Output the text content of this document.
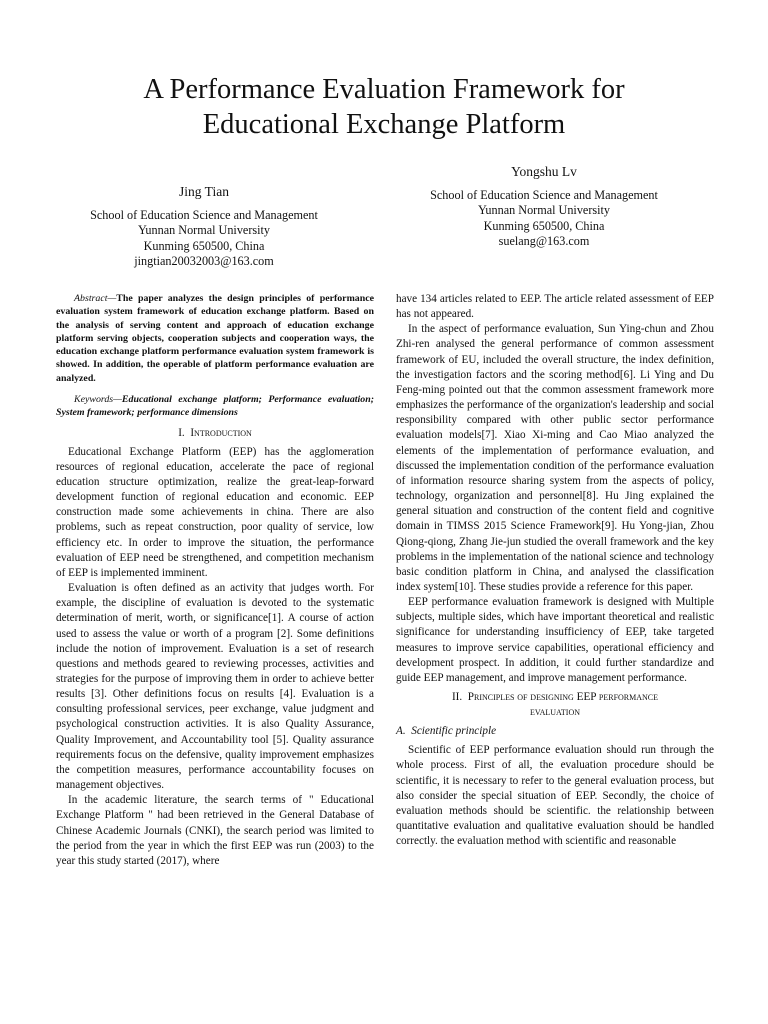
A Performance Evaluation Framework for
Educational Exchange Platform
Jing Tian
School of Education Science and Management
Yunnan Normal University
Kunming 650500, China
jingtian20032003@163.com
Yongshu Lv
School of Education Science and Management
Yunnan Normal University
Kunming 650500, China
suelang@163.com

Abstract—The paper analyzes the design principles of performance evaluation system framework of education exchange platform. Based on the analysis of serving content and approach of education exchange platform serving objects, cooperation subjects and cooperation ways, the education exchange platform performance evaluation system framework is showed. In addition, the operable of platform performance evaluation are analyzed.

Keywords—Educational exchange platform; Performance evaluation; System framework; performance dimensions

I. Introduction

Educational Exchange Platform (EEP) has the agglomeration resources of regional education, accelerate the pace of regional education structure optimization, realize the great-leap-forward development function of regional education and economic. EEP construction made some achievements in china. There are also problems, such as repeat construction, poor quality of service, low efficiency etc. In order to improve the situation, the performance evaluation of EEP need be strengthened, and competition mechanism of EEP is implemented imminent.

Evaluation is often defined as an activity that judges worth. For example, the discipline of evaluation is devoted to the systematic determination of merit, worth, or significance[1]. A course of action used to assess the value or worth of a program [2]. Some definitions include the notion of improvement. Evaluation is a set of research questions and methods geared to reviewing processes, activities and strategies for the purpose of improving them in order to achieve better results [3]. Other definitions focus on results [4]. Evaluation is a consulting professional services, peer exchange, value judgment and psychological construction activities. It is also Quality Assurance, Quality Improvement, and Accountability tool [5]. Quality assurance requirements focus on the defensive, quality improvement emphasizes the competition measures, performance accountability focuses on management objectives.

In the academic literature, the search terms of " Educational Exchange Platform " had been retrieved in the General Database of Chinese Academic Journals (CNKI), the search period was limited to the period from the year in which the first EEP was run (2003) to the year this study started (2017), where

have 134 articles related to EEP. The article related assessment of EEP has not appeared.

In the aspect of performance evaluation, Sun Ying-chun and Zhou Zhi-ren analysed the general performance of common assessment framework of EU, included the overall structure, the index definition, the investigation factors and the scoring method[6]. Li Ying and Du Feng-ming pointed out that the common assessment framework more emphasizes the performance of the organization's leadership and social responsibility compared with other public sector performance evaluation models[7]. Xiao Xi-ming and Cao Miao analyzed the elements of the implementation of performance evaluation, and discussed the implementation condition of the performance evaluation of information resource sharing system from the aspects of policy, technology, organization and personnel[8]. Hu Jing explained the general situation and construction of the content field and cognitive domain in TIMSS 2015 Science Framework[9]. Hu Yong-jian, Zhou Qiong-qiong, Zhang Jie-jun studied the overall framework and the key problems in the implementation of the national science and technology basic condition platform in China, and analysed the classification index system[10]. These studies provide a reference for this paper.

EEP performance evaluation framework is designed with Multiple subjects, multiple sides, which have important theoretical and realistic significance for understanding insufficiency of EEP, take targeted measures to improve service capabilities, operational efficiency and development prospect. In addition, it could further standardize and guide EEP management, and improve management performance.

II. Principles of designing EEP performance
evaluation
A. Scientific principle

Scientific of EEP performance evaluation should run through the whole process. First of all, the evaluation procedure should be scientific, it is necessary to refer to the general evaluation process, but also consider the special situation of EEP. Secondly, the choice of evaluation methods should be scientific. the relationship between quantitative evaluation and qualitative evaluation should be handled correctly. the evaluation method with scientific and reasonable
